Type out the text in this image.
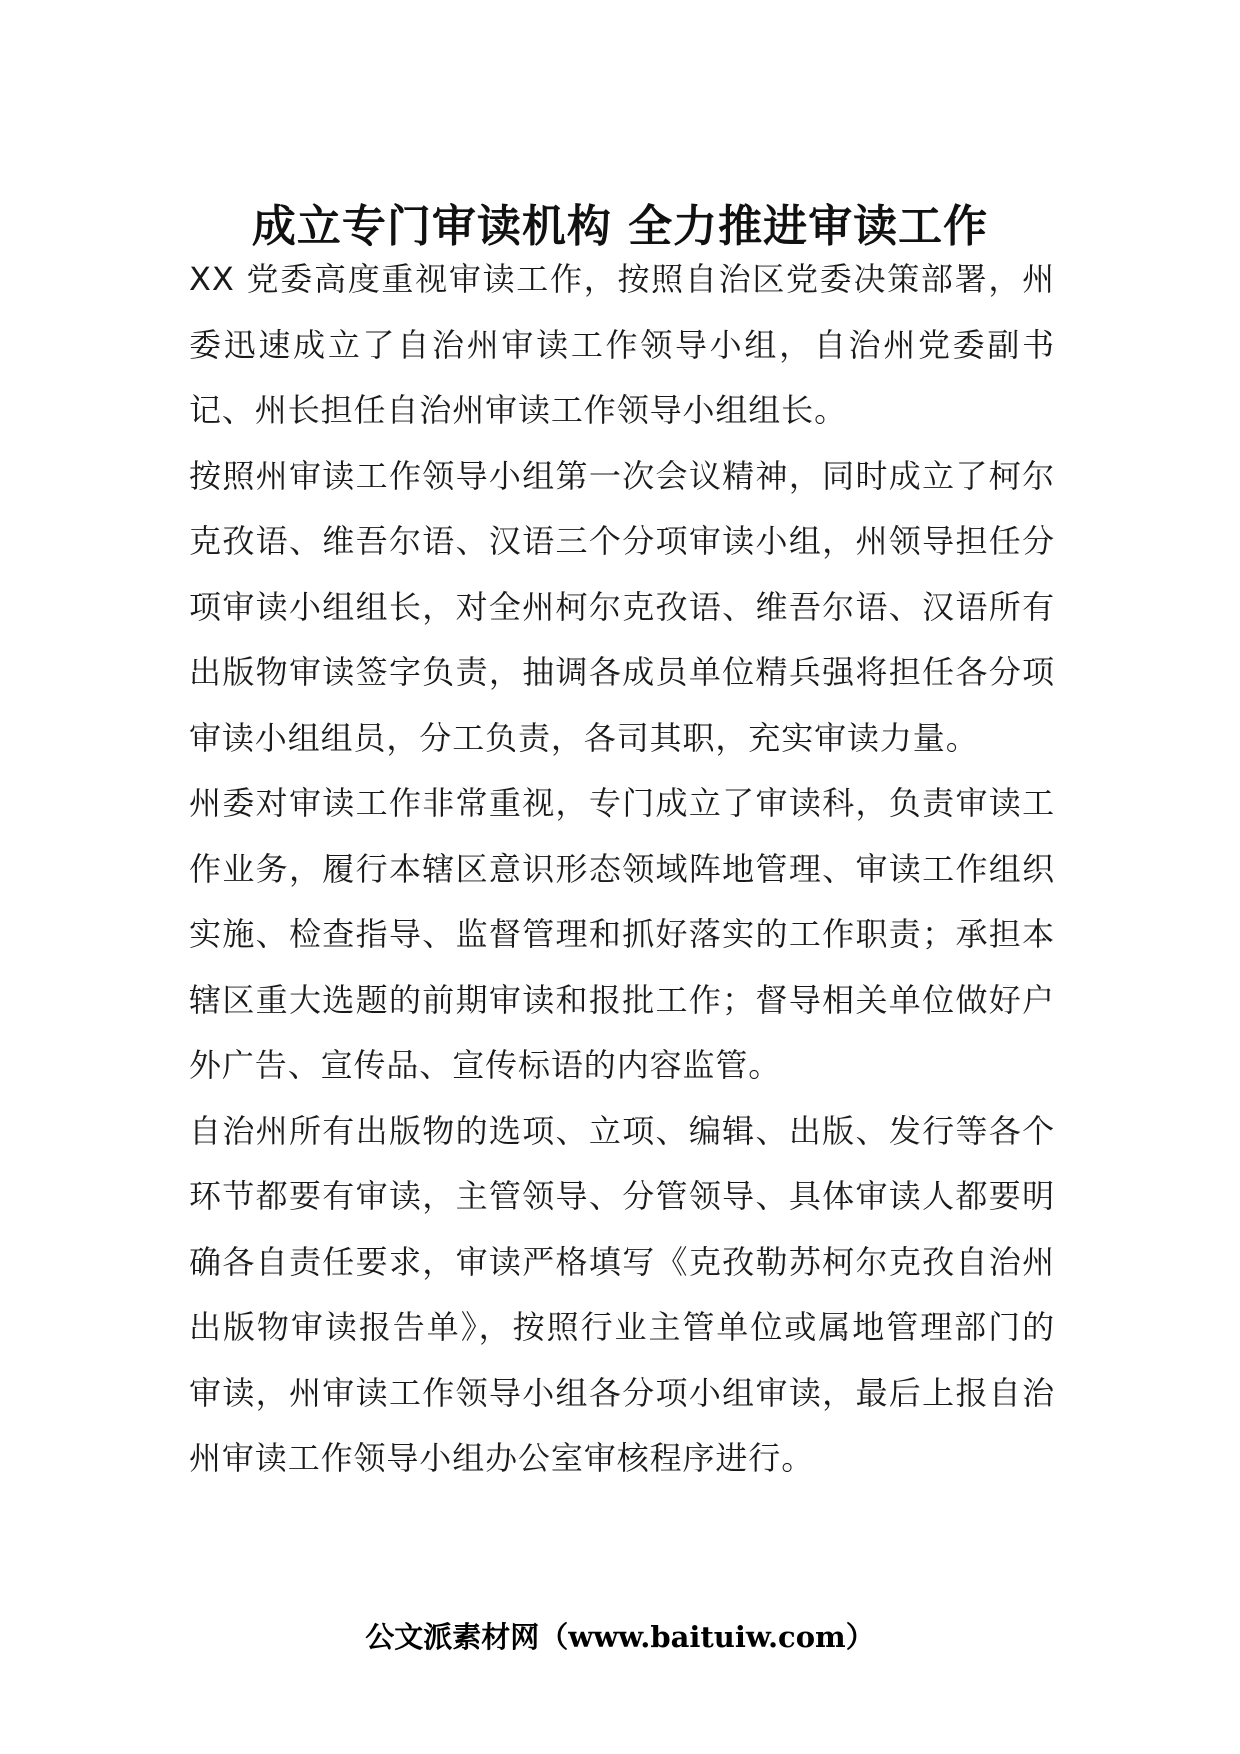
成立专门审读机构 全力推进审读工作

XX 党委高度重视审读工作，按照自治区党委决策部署，州委迅速成立了自治州审读工作领导小组，自治州党委副书记、州长担任自治州审读工作领导小组组长。

按照州审读工作领导小组第一次会议精神，同时成立了柯尔克孜语、维吾尔语、汉语三个分项审读小组，州领导担任分项审读小组组长，对全州柯尔克孜语、维吾尔语、汉语所有出版物审读签字负责，抽调各成员单位精兵强将担任各分项审读小组组员，分工负责，各司其职，充实审读力量。

州委对审读工作非常重视，专门成立了审读科，负责审读工作业务，履行本辖区意识形态领域阵地管理、审读工作组织实施、检查指导、监督管理和抓好落实的工作职责；承担本辖区重大选题的前期审读和报批工作；督导相关单位做好户外广告、宣传品、宣传标语的内容监管。

自治州所有出版物的选项、立项、编辑、出版、发行等各个环节都要有审读，主管领导、分管领导、具体审读人都要明确各自责任要求，审读严格填写《克孜勒苏柯尔克孜自治州出版物审读报告单》，按照行业主管单位或属地管理部门的审读，州审读工作领导小组各分项小组审读，最后上报自治州审读工作领导小组办公室审核程序进行。

公文派素材网（www.baituiw.com）
